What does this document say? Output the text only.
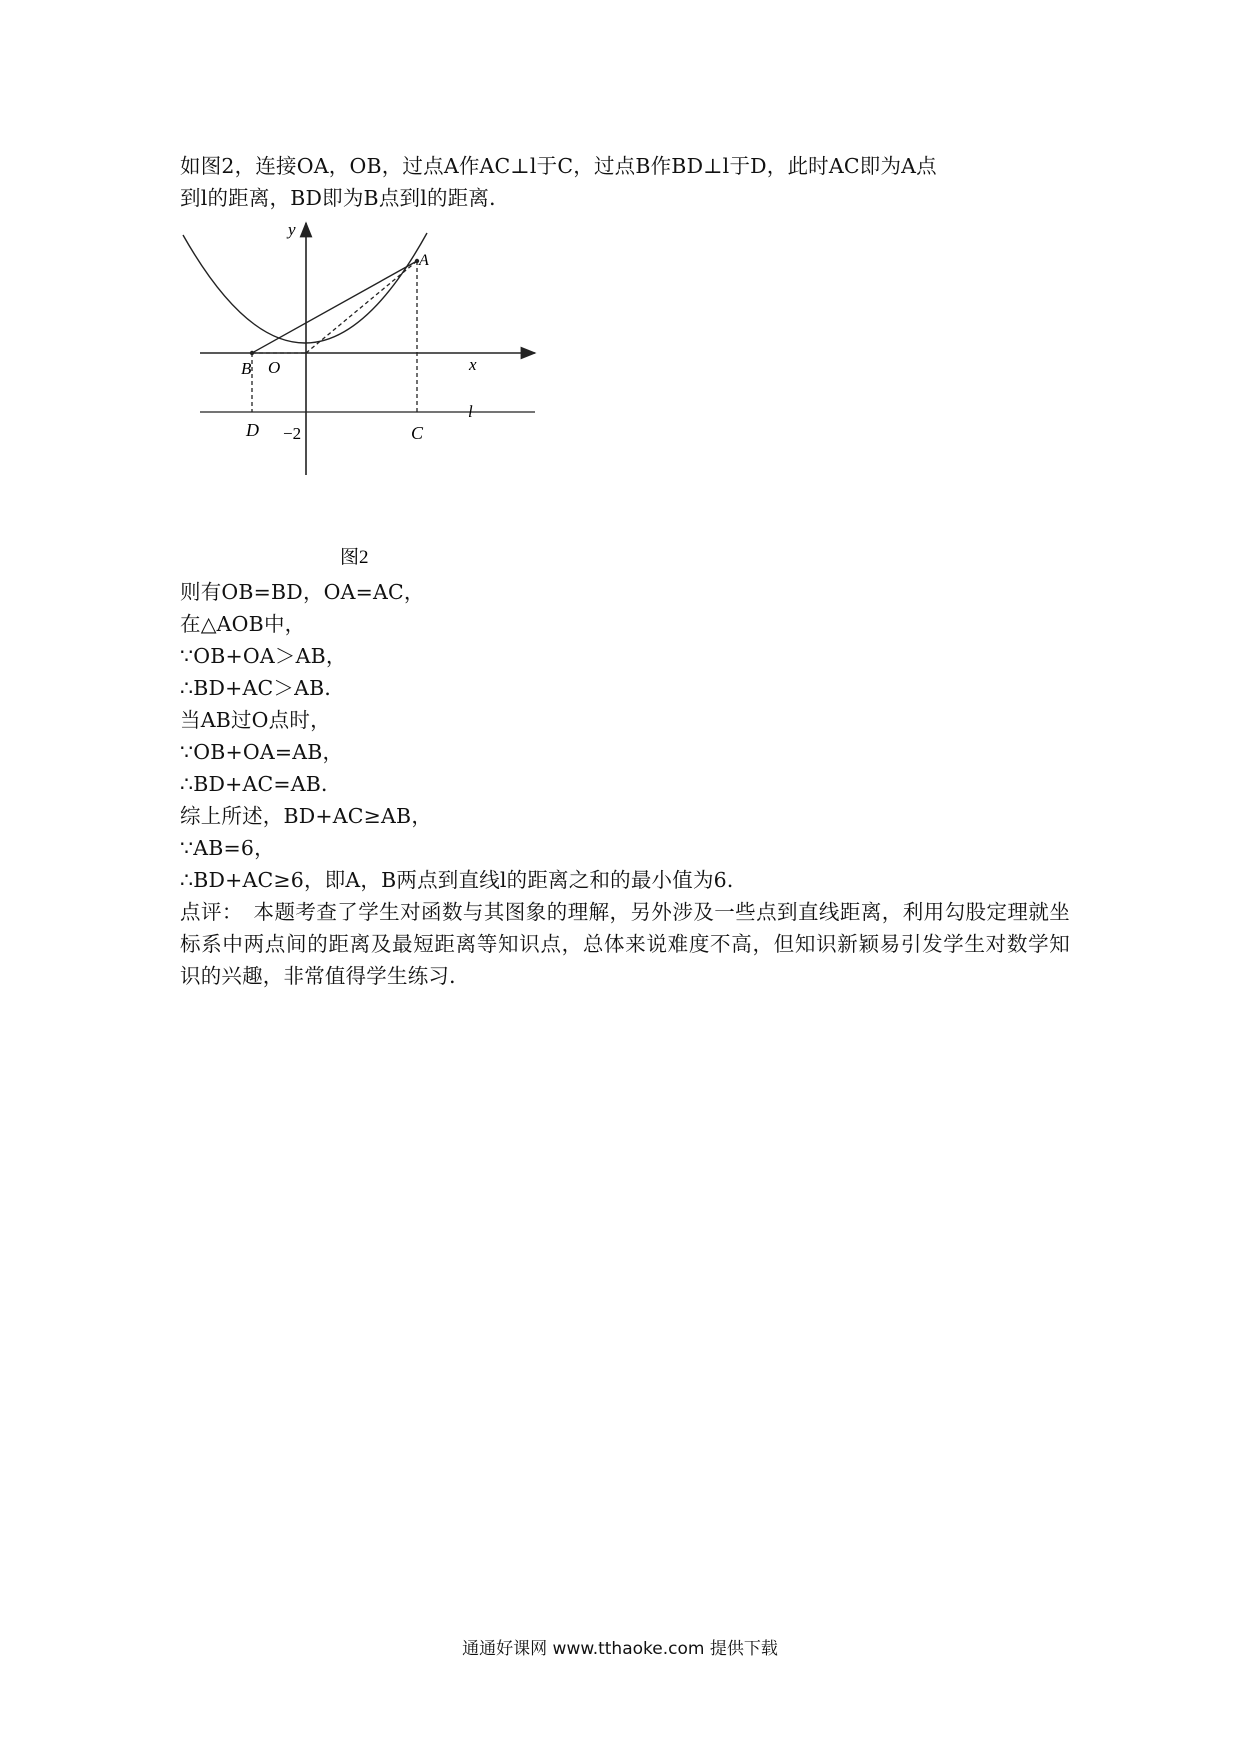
如图2，连接OA，OB，过点A作AC⊥l于C，过点B作BD⊥l于D，此时AC即为A点
到l的距离，BD即为B点到l的距离．
y
x
O
A
B
C
D
l
−2
图2
则有OB=BD，OA=AC，
在△AOB中，
∵OB+OA＞AB，
∴BD+AC＞AB．
当AB过O点时，
∵OB+OA=AB，
∴BD+AC=AB．
综上所述，BD+AC≥AB，
∵AB=6，
∴BD+AC≥6，即A，B两点到直线l的距离之和的最小值为6．
点评：　本题考查了学生对函数与其图象的理解，另外涉及一些点到直线距离，利用勾股定理就坐标系中两点间的距离及最短距离等知识点，总体来说难度不高，但知识新颖易引发学生对数学知识的兴趣，非常值得学生练习．
通通好课网 www.tthaoke.com 提供下载
